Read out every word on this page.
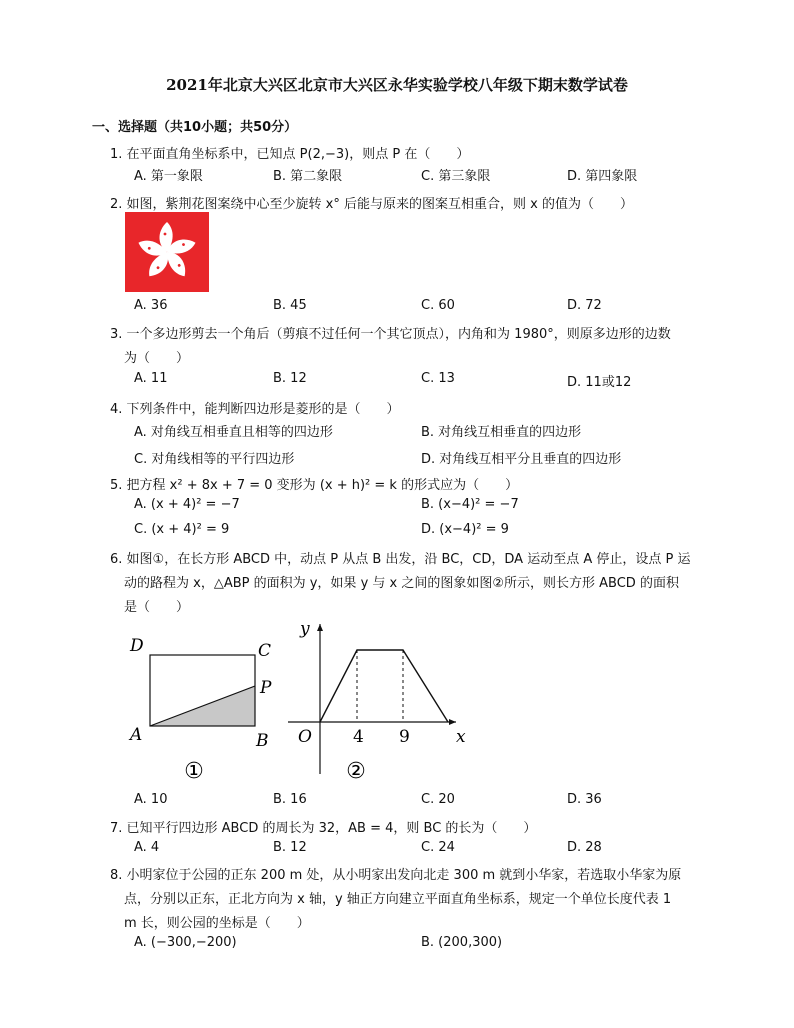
2021年北京大兴区北京市大兴区永华实验学校八年级下期末数学试卷
一、选择题（共10小题；共50分）
1. 在平面直角坐标系中，已知点 P(2,−3)，则点 P 在（　　）
A. 第一象限	B. 第二象限	C. 第三象限	D. 第四象限
2. 如图，紫荆花图案绕中心至少旋转 x° 后能与原来的图案互相重合，则 x 的值为（　　）
A. 36	B. 45	C. 60	D. 72
3. 一个多边形剪去一个角后（剪痕不过任何一个其它顶点），内角和为 1980°，则原多边形的边数
为（　　）
A. 11	B. 12	C. 13	D. 11或12
4. 下列条件中，能判断四边形是菱形的是（　　）
A. 对角线互相垂直且相等的四边形	B. 对角线互相垂直的四边形
C. 对角线相等的平行四边形	D. 对角线互相平分且垂直的四边形
5. 把方程 x² + 8x + 7 = 0 变形为 (x + h)² = k 的形式应为（　　）
A. (x + 4)² = −7	B. (x−4)² = −7
C. (x + 4)² = 9	D. (x−4)² = 9
6. 如图①，在长方形 ABCD 中，动点 P 从点 B 出发，沿 BC，CD，DA 运动至点 A 停止，设点 P 运
动的路程为 x，△ABP 的面积为 y，如果 y 与 x 之间的图象如图②所示，则长方形 ABCD 的面积
是（　　）
D	C
P
A	B
①
y
O 4 9	x
②
A. 10	B. 16	C. 20	D. 36
7. 已知平行四边形 ABCD 的周长为 32，AB = 4，则 BC 的长为（　　）
A. 4	B. 12	C. 24	D. 28
8. 小明家位于公园的正东 200 m 处，从小明家出发向北走 300 m 就到小华家，若选取小华家为原
点，分别以正东，正北方向为 x 轴，y 轴正方向建立平面直角坐标系，规定一个单位长度代表 1
m 长，则公园的坐标是（　　）
A. (−300,−200)	B. (200,300)
